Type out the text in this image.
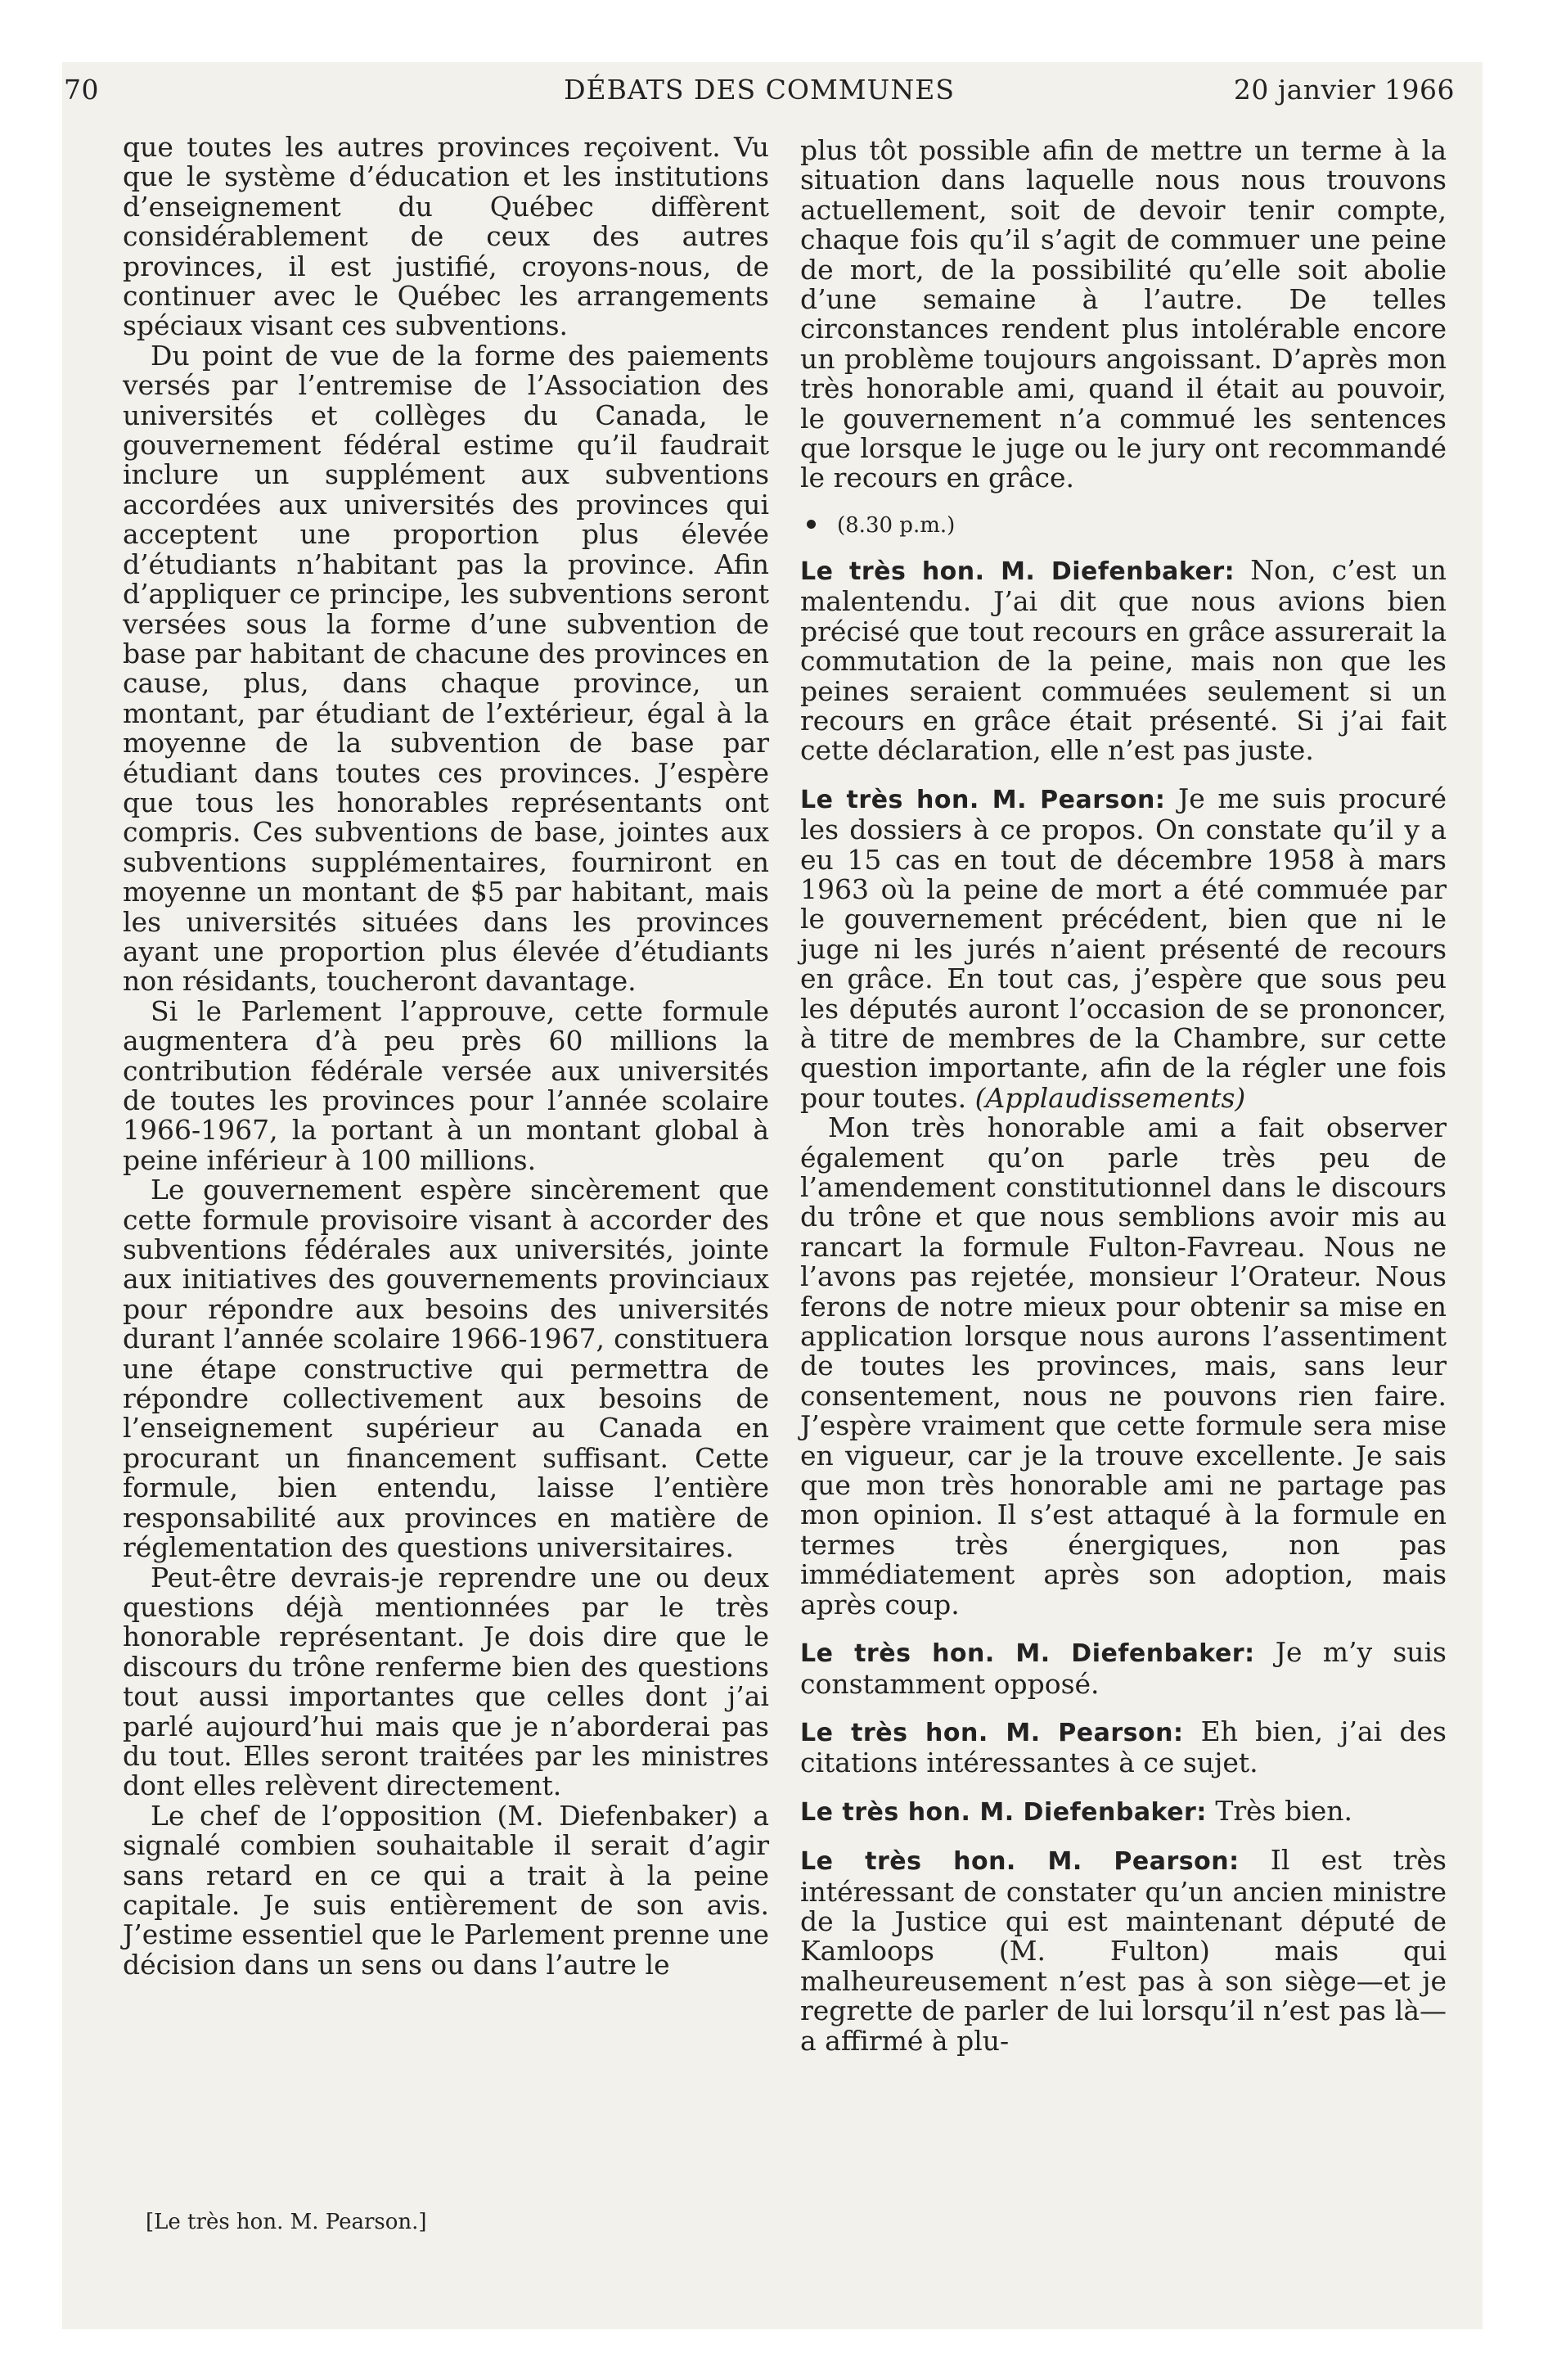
DÉBATS DES COMMUNES
70	20 janvier 1966

que toutes les autres provinces reçoivent. Vu que le système d’éducation et les institutions d’enseignement du Québec diffèrent considérablement de ceux des autres provinces, il est justifié, croyons-nous, de continuer avec le Québec les arrangements spéciaux visant ces subventions.

Du point de vue de la forme des paiements versés par l’entremise de l’Association des universités et collèges du Canada, le gouvernement fédéral estime qu’il faudrait inclure un supplément aux subventions accordées aux universités des provinces qui acceptent une proportion plus élevée d’étudiants n’habitant pas la province. Afin d’appliquer ce principe, les subventions seront versées sous la forme d’une subvention de base par habitant de chacune des provinces en cause, plus, dans chaque province, un montant, par étudiant de l’extérieur, égal à la moyenne de la subvention de base par étudiant dans toutes ces provinces. J’espère que tous les honorables représentants ont compris. Ces subventions de base, jointes aux subventions supplémentaires, fourniront en moyenne un montant de $5 par habitant, mais les universités situées dans les provinces ayant une proportion plus élevée d’étudiants non résidants, toucheront davantage.

Si le Parlement l’approuve, cette formule augmentera d’à peu près 60 millions la contribution fédérale versée aux universités de toutes les provinces pour l’année scolaire 1966-1967, la portant à un montant global à peine inférieur à 100 millions.

Le gouvernement espère sincèrement que cette formule provisoire visant à accorder des subventions fédérales aux universités, jointe aux initiatives des gouvernements provinciaux pour répondre aux besoins des universités durant l’année scolaire 1966-1967, constituera une étape constructive qui permettra de répondre collectivement aux besoins de l’enseignement supérieur au Canada en procurant un financement suffisant. Cette formule, bien entendu, laisse l’entière responsabilité aux provinces en matière de réglementation des questions universitaires.

Peut-être devrais-je reprendre une ou deux questions déjà mentionnées par le très honorable représentant. Je dois dire que le discours du trône renferme bien des questions tout aussi importantes que celles dont j’ai parlé aujourd’hui mais que je n’aborderai pas du tout. Elles seront traitées par les ministres dont elles relèvent directement.

Le chef de l’opposition (M. Diefenbaker) a signalé combien souhaitable il serait d’agir sans retard en ce qui a trait à la peine capitale. Je suis entièrement de son avis. J’estime essentiel que le Parlement prenne une décision dans un sens ou dans l’autre le

plus tôt possible afin de mettre un terme à la situation dans laquelle nous nous trouvons actuellement, soit de devoir tenir compte, chaque fois qu’il s’agit de commuer une peine de mort, de la possibilité qu’elle soit abolie d’une semaine à l’autre. De telles circonstances rendent plus intolérable encore un problème toujours angoissant. D’après mon très honorable ami, quand il était au pouvoir, le gouvernement n’a commué les sentences que lorsque le juge ou le jury ont recommandé le recours en grâce.

(8.30 p.m.)

Le très hon. M. Diefenbaker: Non, c’est un malentendu. J’ai dit que nous avions bien précisé que tout recours en grâce assurerait la commutation de la peine, mais non que les peines seraient commuées seulement si un recours en grâce était présenté. Si j’ai fait cette déclaration, elle n’est pas juste.

Le très hon. M. Pearson: Je me suis procuré les dossiers à ce propos. On constate qu’il y a eu 15 cas en tout de décembre 1958 à mars 1963 où la peine de mort a été commuée par le gouvernement précédent, bien que ni le juge ni les jurés n’aient présenté de recours en grâce. En tout cas, j’espère que sous peu les députés auront l’occasion de se prononcer, à titre de membres de la Chambre, sur cette question importante, afin de la régler une fois pour toutes. (Applaudissements)

Mon très honorable ami a fait observer également qu’on parle très peu de l’amendement constitutionnel dans le discours du trône et que nous semblions avoir mis au rancart la formule Fulton-Favreau. Nous ne l’avons pas rejetée, monsieur l’Orateur. Nous ferons de notre mieux pour obtenir sa mise en application lorsque nous aurons l’assentiment de toutes les provinces, mais, sans leur consentement, nous ne pouvons rien faire. J’espère vraiment que cette formule sera mise en vigueur, car je la trouve excellente. Je sais que mon très honorable ami ne partage pas mon opinion. Il s’est attaqué à la formule en termes très énergiques, non pas immédiatement après son adoption, mais après coup.

Le très hon. M. Diefenbaker: Je m’y suis constamment opposé.

Le très hon. M. Pearson: Eh bien, j’ai des citations intéressantes à ce sujet.

Le très hon. M. Diefenbaker: Très bien.

Le très hon. M. Pearson: Il est très intéressant de constater qu’un ancien ministre de la Justice qui est maintenant député de Kamloops (M. Fulton) mais qui malheureusement n’est pas à son siège—et je regrette de parler de lui lorsqu’il n’est pas là—a affirmé à plu-

[Le très hon. M. Pearson.]
